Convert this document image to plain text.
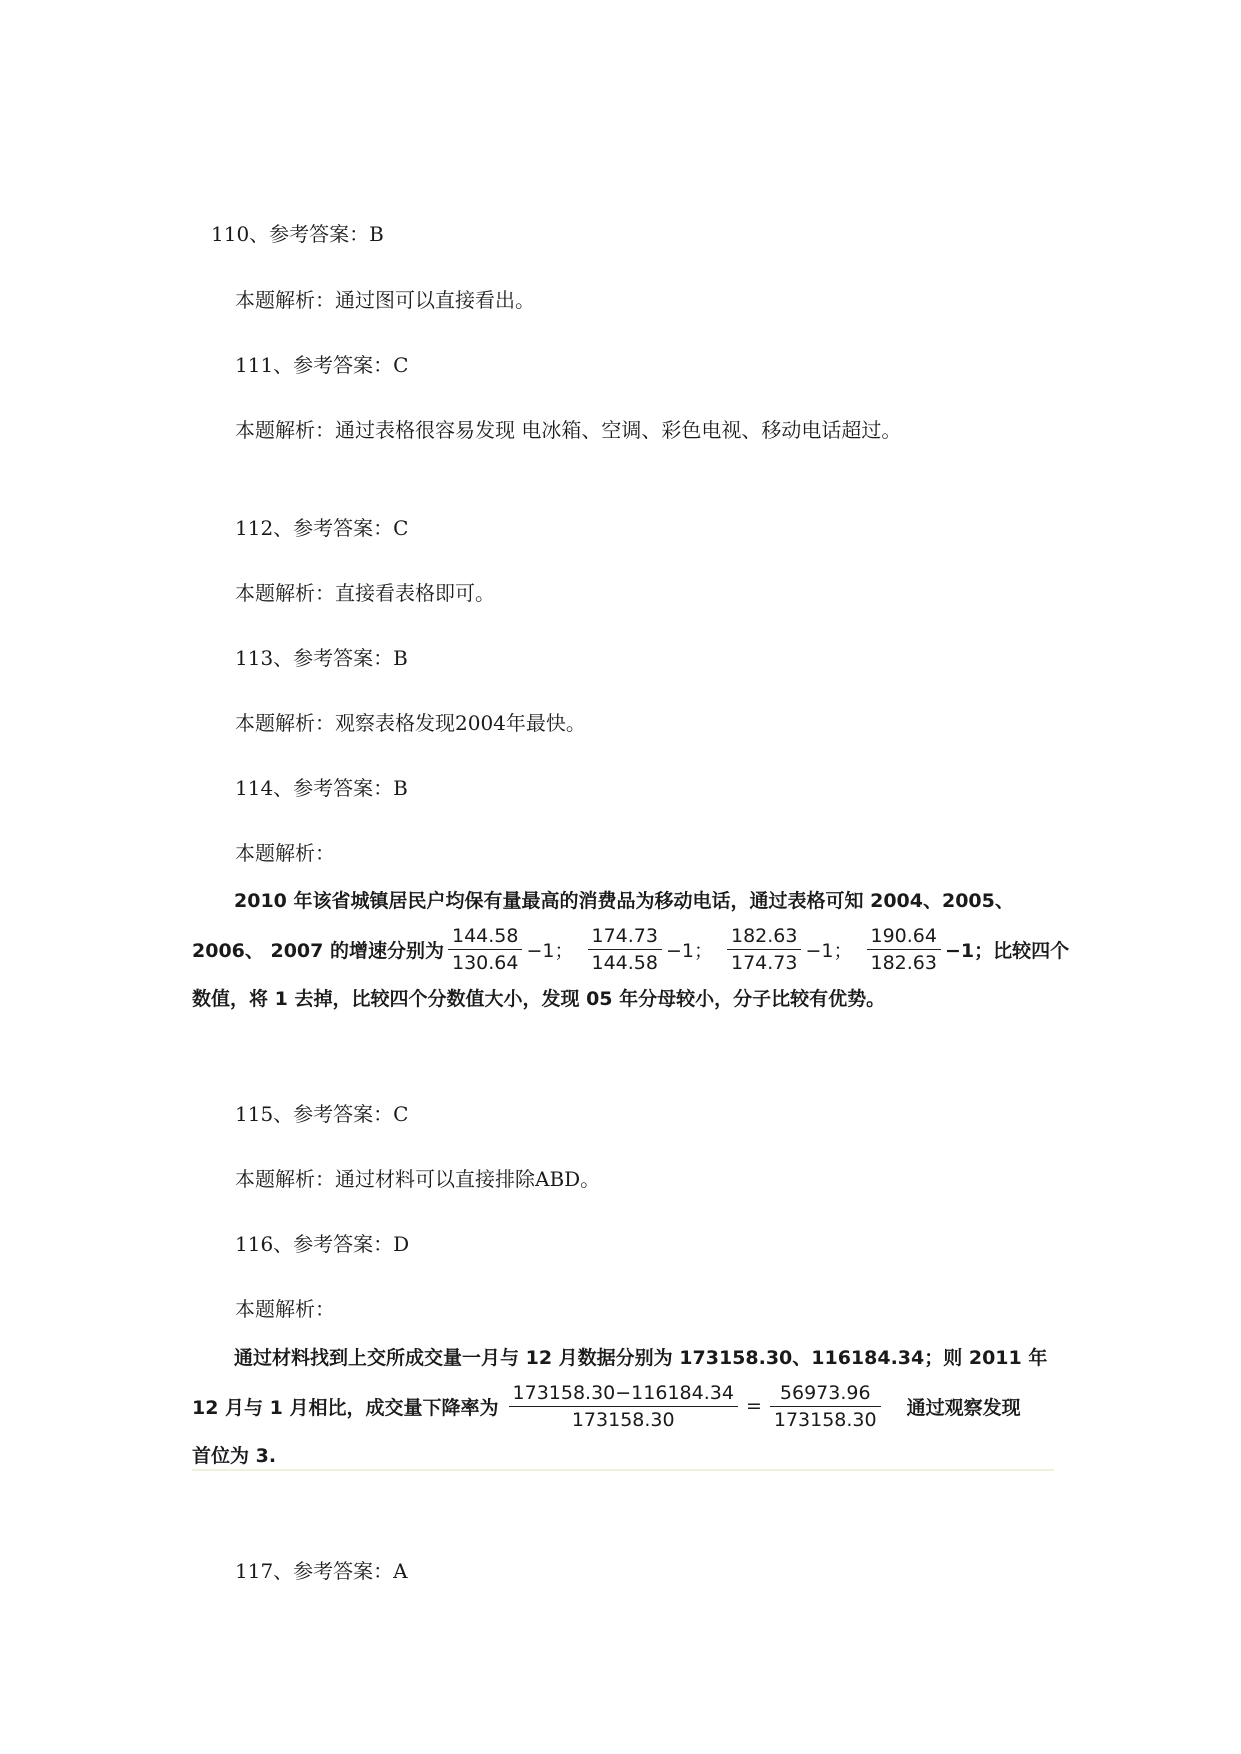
110、参考答案：B
本题解析：通过图可以直接看出。
111、参考答案：C
本题解析：通过表格很容易发现 电冰箱、空调、彩色电视、移动电话超过。
112、参考答案：C
本题解析：直接看表格即可。
113、参考答案：B
本题解析：观察表格发现2004年最快。
114、参考答案：B
本题解析：
2010 年该省城镇居民户均保有量最高的消费品为移动电话，通过表格可知 2004、2005、
2006、 2007 的增速分别为 $\frac{144.58}{130.64} -1$； $\frac{174.73}{144.58} -1$； $\frac{182.63}{174.73} -1$； $\frac{190.64}{182.63} -1$；比较四个
数值，将 1 去掉，比较四个分数值大小，发现 05 年分母较小，分子比较有优势。
115、参考答案：C
本题解析：通过材料可以直接排除ABD。
116、参考答案：D
本题解析：
通过材料找到上交所成交量一月与 12 月数据分别为 173158.30、116184.34；则 2011 年
12 月与 1 月相比，成交量下降率为 $\frac{173158.30-116184.34}{173158.30} = \frac{56973.96}{173158.30}$ 通过观察发现
首位为 3.
117、参考答案：A
